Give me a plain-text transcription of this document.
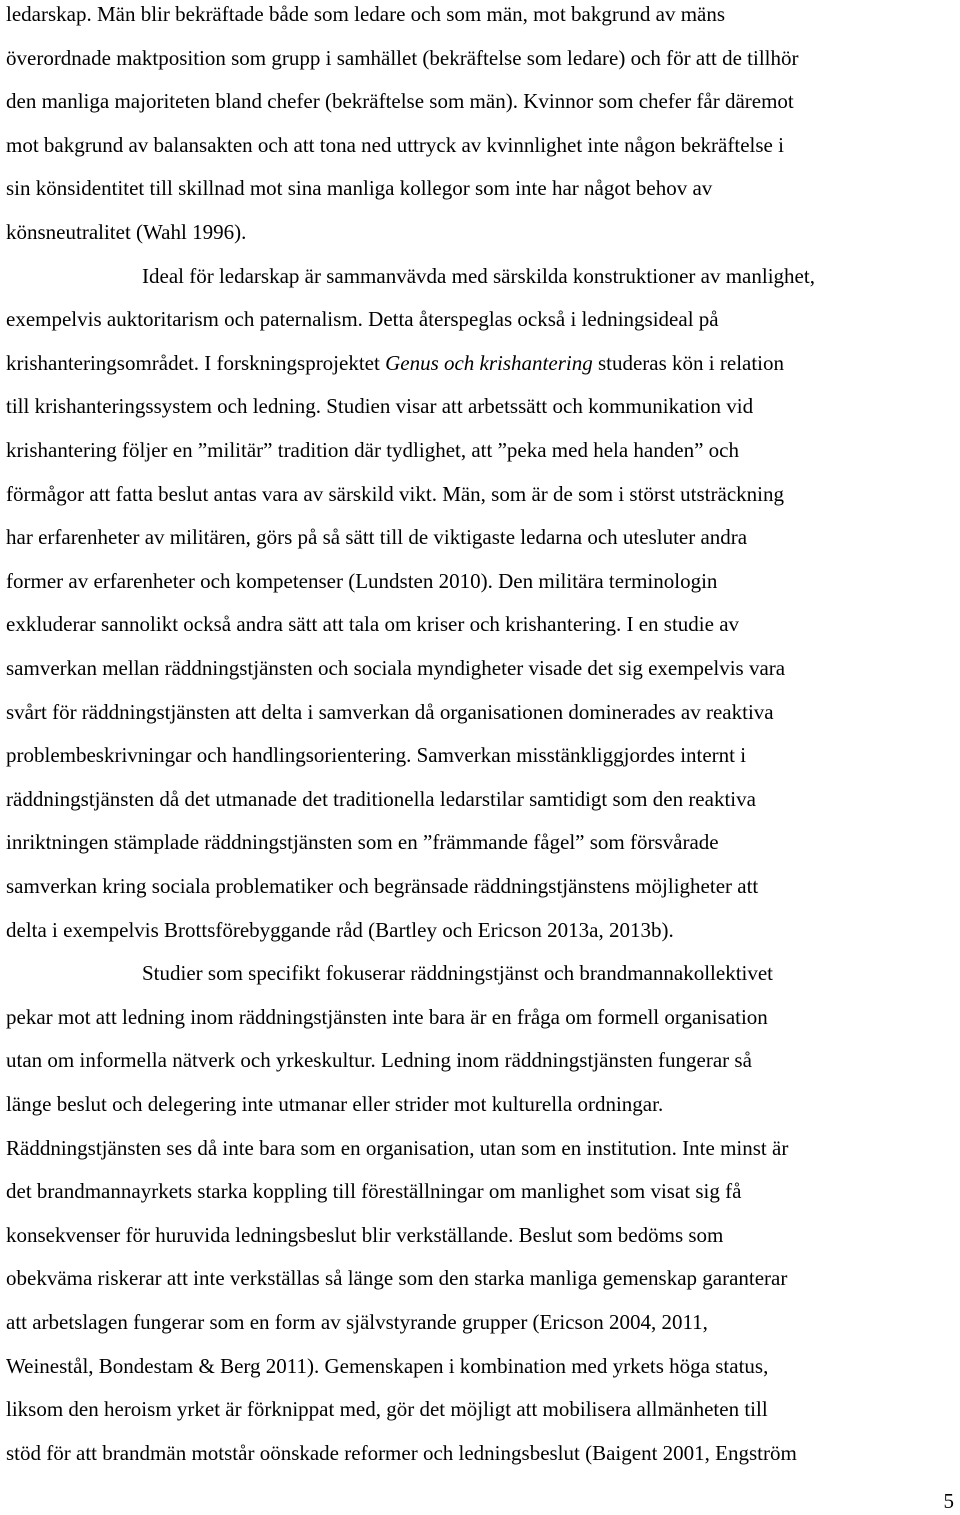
ledarskap. Män blir bekräftade både som ledare och som män, mot bakgrund av mäns
överordnade maktposition som grupp i samhället (bekräftelse som ledare) och för att de tillhör
den manliga majoriteten bland chefer (bekräftelse som män). Kvinnor som chefer får däremot
mot bakgrund av balansakten och att tona ned uttryck av kvinnlighet inte någon bekräftelse i
sin könsidentitet till skillnad mot sina manliga kollegor som inte har något behov av
könsneutralitet (Wahl 1996).
Ideal för ledarskap är sammanvävda med särskilda konstruktioner av manlighet,
exempelvis auktoritarism och paternalism. Detta återspeglas också i ledningsideal på
krishanteringsområdet. I forskningsprojektet Genus och krishantering studeras kön i relation
till krishanteringssystem och ledning. Studien visar att arbetssätt och kommunikation vid
krishantering följer en ”militär” tradition där tydlighet, att ”peka med hela handen” och
förmågor att fatta beslut antas vara av särskild vikt. Män, som är de som i störst utsträckning
har erfarenheter av militären, görs på så sätt till de viktigaste ledarna och utesluter andra
former av erfarenheter och kompetenser (Lundsten 2010). Den militära terminologin
exkluderar sannolikt också andra sätt att tala om kriser och krishantering. I en studie av
samverkan mellan räddningstjänsten och sociala myndigheter visade det sig exempelvis vara
svårt för räddningstjänsten att delta i samverkan då organisationen dominerades av reaktiva
problembeskrivningar och handlingsorientering. Samverkan misstänkliggjordes internt i
räddningstjänsten då det utmanade det traditionella ledarstilar samtidigt som den reaktiva
inriktningen stämplade räddningstjänsten som en ”främmande fågel” som försvårade
samverkan kring sociala problematiker och begränsade räddningstjänstens möjligheter att
delta i exempelvis Brottsförebyggande råd (Bartley och Ericson 2013a, 2013b).
Studier som specifikt fokuserar räddningstjänst och brandmannakollektivet
pekar mot att ledning inom räddningstjänsten inte bara är en fråga om formell organisation
utan om informella nätverk och yrkeskultur. Ledning inom räddningstjänsten fungerar så
länge beslut och delegering inte utmanar eller strider mot kulturella ordningar.
Räddningstjänsten ses då inte bara som en organisation, utan som en institution. Inte minst är
det brandmannayrkets starka koppling till föreställningar om manlighet som visat sig få
konsekvenser för huruvida ledningsbeslut blir verkställande. Beslut som bedöms som
obekväma riskerar att inte verkställas så länge som den starka manliga gemenskap garanterar
att arbetslagen fungerar som en form av självstyrande grupper (Ericson 2004, 2011,
Weinestål, Bondestam & Berg 2011). Gemenskapen i kombination med yrkets höga status,
liksom den heroism yrket är förknippat med, gör det möjligt att mobilisera allmänheten till
stöd för att brandmän motstår oönskade reformer och ledningsbeslut (Baigent 2001, Engström
5
